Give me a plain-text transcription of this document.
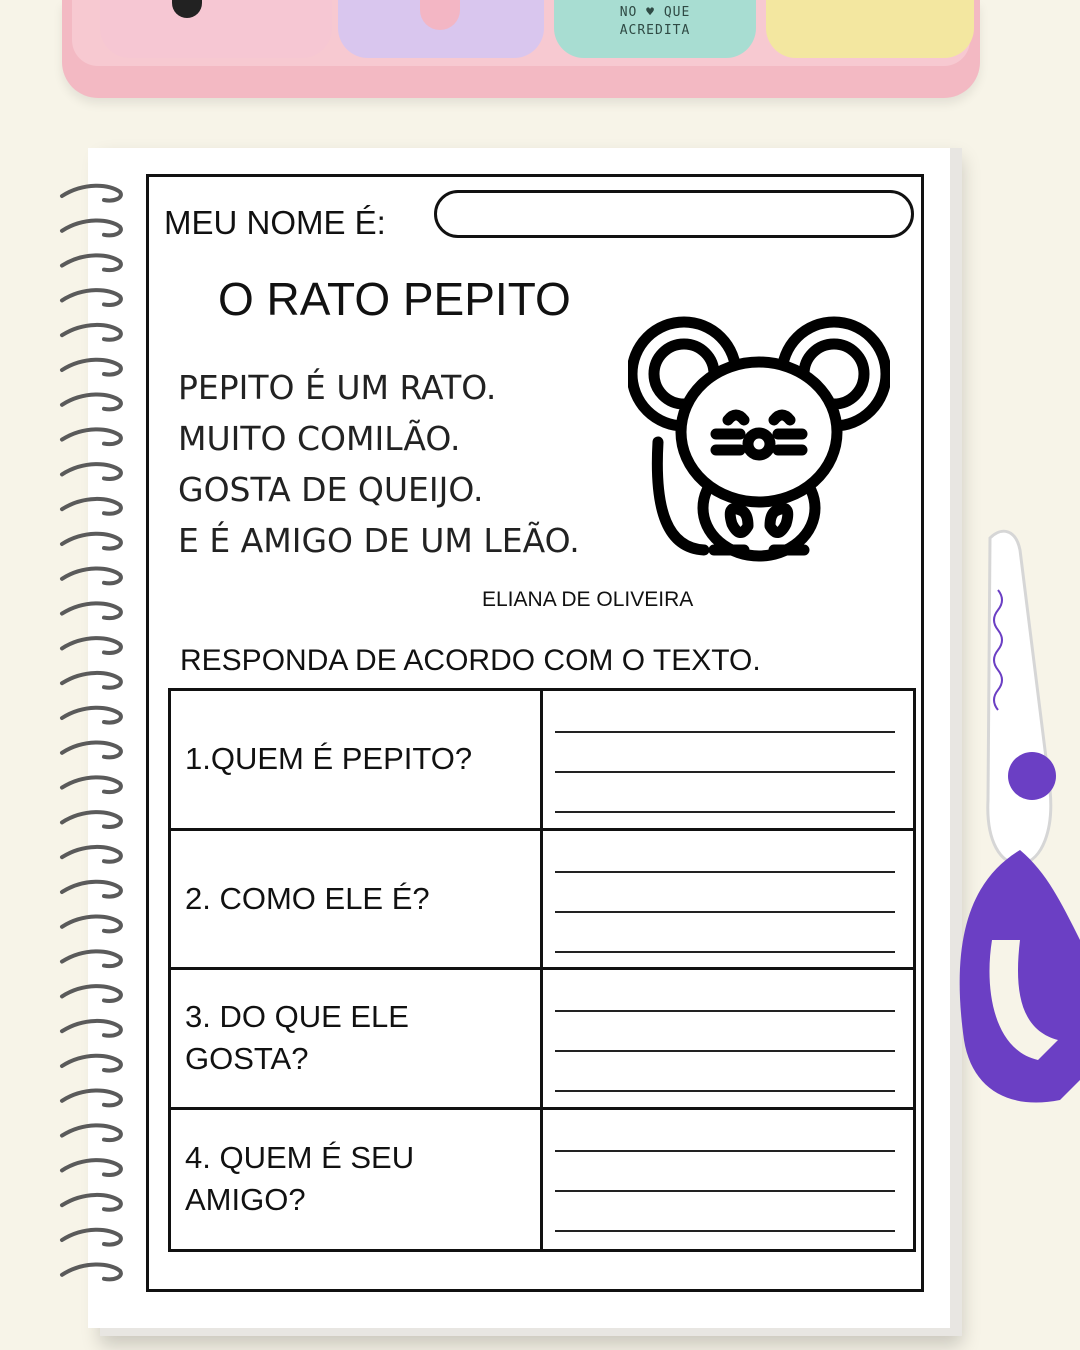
NO ♥ QUE
ACREDITA
MEU NOME É:
O RATO PEPITO
PEPITO É UM RATO.
MUITO COMILÃO.
GOSTA DE QUEIJO.
E É AMIGO DE UM LEÃO.
ELIANA DE OLIVEIRA
RESPONDA DE ACORDO COM O TEXTO.
1.QUEM É PEPITO?
2. COMO ELE É?
3. DO QUE ELE GOSTA?
4. QUEM É SEU AMIGO?
